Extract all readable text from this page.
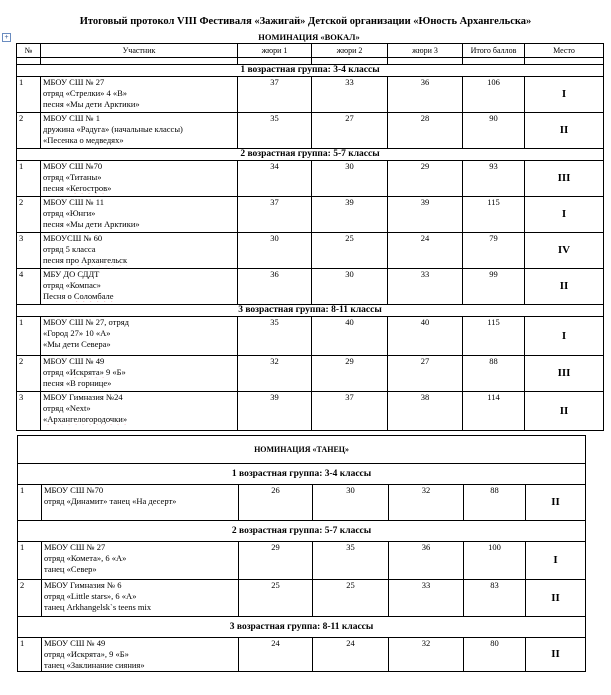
Итоговый протокол VIII Фестиваля «Зажигай» Детской организации «Юность Архангельска»
+	НОМИНАЦИЯ «ВОКАЛ»
№	Участник	жюри 1	жюри 2	жюри 3	Итого баллов	Место

1 возрастная группа: 3-4 классы						
1	МБОУ СШ № 27
отряд «Стрелки» 4 «В»
песня «Мы дети Арктики»	37	33	36	106	I
2	МБОУ СШ № 1
дружина «Радуга» (начальные классы)
«Песенка о медведях»	35	27	28	90	II
2 возрастная группа: 5-7 классы						
1	МБОУ СШ №70
отряд «Титаны»
песня «Кегостров»	34	30	29	93	III
2	МБОУ СШ № 11
отряд «Юнги»
песня «Мы дети Арктики»	37	39	39	115	I
3	МБОУСШ № 60
отряд 5 класса
песня про Архангельск	30	25	24	79	IV
4	МБУ ДО СДДТ
отряд «Компас»
Песня о Соломбале	36	30	33	99	II
3 возрастная группа: 8-11 классы						
1	МБОУ СШ № 27, отряд
«Город 27» 10 «А»
«Мы дети Севера»	35	40	40	115	I
2	МБОУ СШ № 49
отряд «Искрята» 9 «Б»
песня «В горнице»	32	29	27	88	III
3	МБОУ Гимназия №24
отряд «Next»
«Архангелогородочки»	39	37	38	114	II
НОМИНАЦИЯ «ТАНЕЦ»						
1 возрастная группа: 3-4 классы						
1	МБОУ СШ №70
отряд «Динамит» танец «На десерт»	26	30	32	88	II
2 возрастная группа: 5-7 классы						
1	МБОУ СШ № 27
отряд «Комета», 6 «А»
танец «Север»	29	35	36	100	I
2	МБОУ Гимназия № 6
отряд «Little stars», 6 «А»
танец Arkhangelsk`s teens mix	25	25	33	83	II
3 возрастная группа: 8-11 классы						
1	МБОУ СШ № 49
отряд «Искрята», 9 «Б»
танец «Заклинание сияния»	24	24	32	80	II
